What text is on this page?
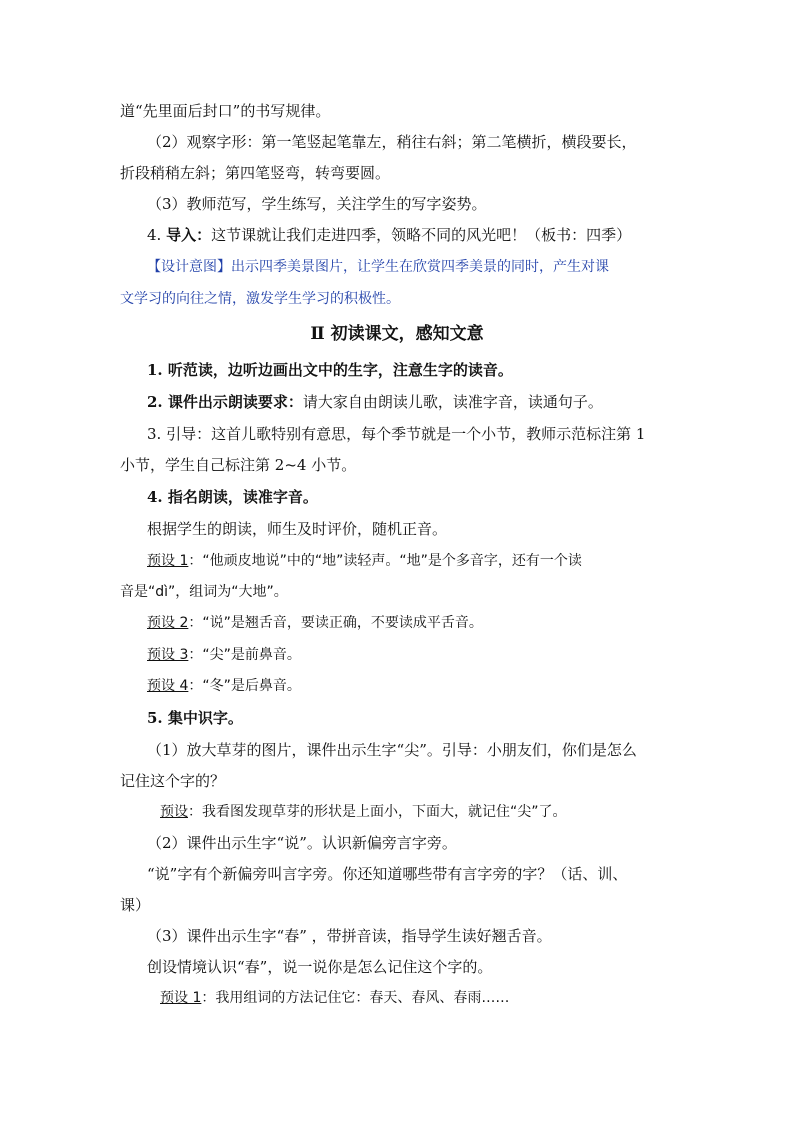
道“先里面后封口”的书写规律。
（2）观察字形：第一笔竖起笔靠左，稍往右斜；第二笔横折，横段要长，
折段稍稍左斜；第四笔竖弯，转弯要圆。
（3）教师范写，学生练写，关注学生的写字姿势。
4. 导入：这节课就让我们走进四季，领略不同的风光吧！（板书：四季）
【设计意图】出示四季美景图片，让学生在欣赏四季美景的同时，产生对课
文学习的向往之情，激发学生学习的积极性。
Ⅱ 初读课文，感知文意
1. 听范读，边听边画出文中的生字，注意生字的读音。
2. 课件出示朗读要求：请大家自由朗读儿歌，读准字音，读通句子。
3. 引导：这首儿歌特别有意思，每个季节就是一个小节，教师示范标注第 1
小节，学生自己标注第 2~4 小节。
4. 指名朗读，读准字音。
根据学生的朗读，师生及时评价，随机正音。
预设 1：“他顽皮地说”中的“地”读轻声。“地”是个多音字，还有一个读
音是“dì”，组词为“大地”。
预设 2：“说”是翘舌音，要读正确，不要读成平舌音。
预设 3：“尖”是前鼻音。
预设 4：“冬”是后鼻音。
5. 集中识字。
（1）放大草芽的图片，课件出示生字“尖”。引导：小朋友们，你们是怎么
记住这个字的？
预设：我看图发现草芽的形状是上面小，下面大，就记住“尖”了。
（2）课件出示生字“说”。认识新偏旁言字旁。
“说”字有个新偏旁叫言字旁。你还知道哪些带有言字旁的字？（话、训、
课）
（3）课件出示生字“春” ，带拼音读，指导学生读好翘舌音。
创设情境认识“春”，说一说你是怎么记住这个字的。
预设 1：我用组词的方法记住它：春天、春风、春雨……
